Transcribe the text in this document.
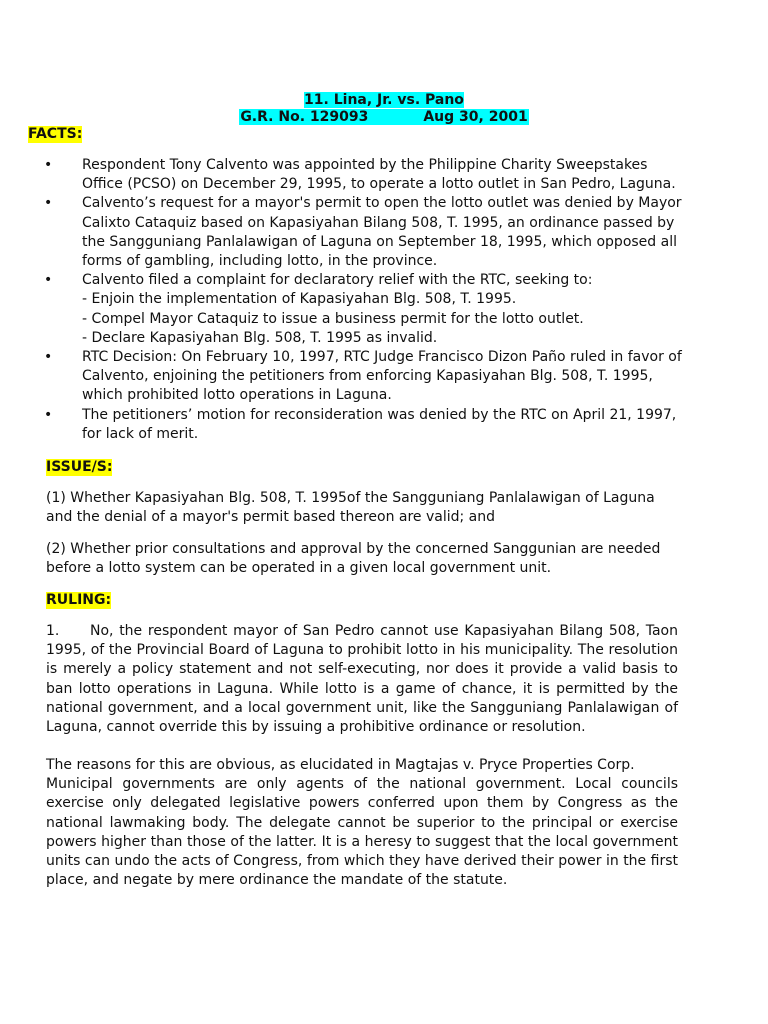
11. Lina, Jr. vs. Pano
G.R. No. 129093	Aug 30, 2001
FACTS:
• Respondent Tony Calvento was appointed by the Philippine Charity Sweepstakes Office (PCSO) on December 29, 1995, to operate a lotto outlet in San Pedro, Laguna.
• Calvento’s request for a mayor's permit to open the lotto outlet was denied by Mayor Calixto Cataquiz based on Kapasiyahan Bilang 508, T. 1995, an ordinance passed by the Sangguniang Panlalawigan of Laguna on September 18, 1995, which opposed all forms of gambling, including lotto, in the province.
• Calvento filed a complaint for declaratory relief with the RTC, seeking to:
- Enjoin the implementation of Kapasiyahan Blg. 508, T. 1995.
- Compel Mayor Cataquiz to issue a business permit for the lotto outlet.
- Declare Kapasiyahan Blg. 508, T. 1995 as invalid.
• RTC Decision: On February 10, 1997, RTC Judge Francisco Dizon Paño ruled in favor of Calvento, enjoining the petitioners from enforcing Kapasiyahan Blg. 508, T. 1995, which prohibited lotto operations in Laguna.
• The petitioners’ motion for reconsideration was denied by the RTC on April 21, 1997, for lack of merit.
ISSUE/S:

(1) Whether Kapasiyahan Blg. 508, T. 1995of the Sangguniang Panlalawigan of Laguna and the denial of a mayor's permit based thereon are valid; and

(2) Whether prior consultations and approval by the concerned Sanggunian are needed before a lotto system can be operated in a given local government unit.

RULING:

1. No, the respondent mayor of San Pedro cannot use Kapasiyahan Bilang 508, Taon 1995, of the Provincial Board of Laguna to prohibit lotto in his municipality. The resolution is merely a policy statement and not self-executing, nor does it provide a valid basis to ban lotto operations in Laguna. While lotto is a game of chance, it is permitted by the national government, and a local government unit, like the Sangguniang Panlalawigan of Laguna, cannot override this by issuing a prohibitive ordinance or resolution.

The reasons for this are obvious, as elucidated in Magtajas v. Pryce Properties Corp.
Municipal governments are only agents of the national government. Local councils exercise only delegated legislative powers conferred upon them by Congress as the national lawmaking body. The delegate cannot be superior to the principal or exercise powers higher than those of the latter. It is a heresy to suggest that the local government units can undo the acts of Congress, from which they have derived their power in the first place, and negate by mere ordinance the mandate of the statute.
